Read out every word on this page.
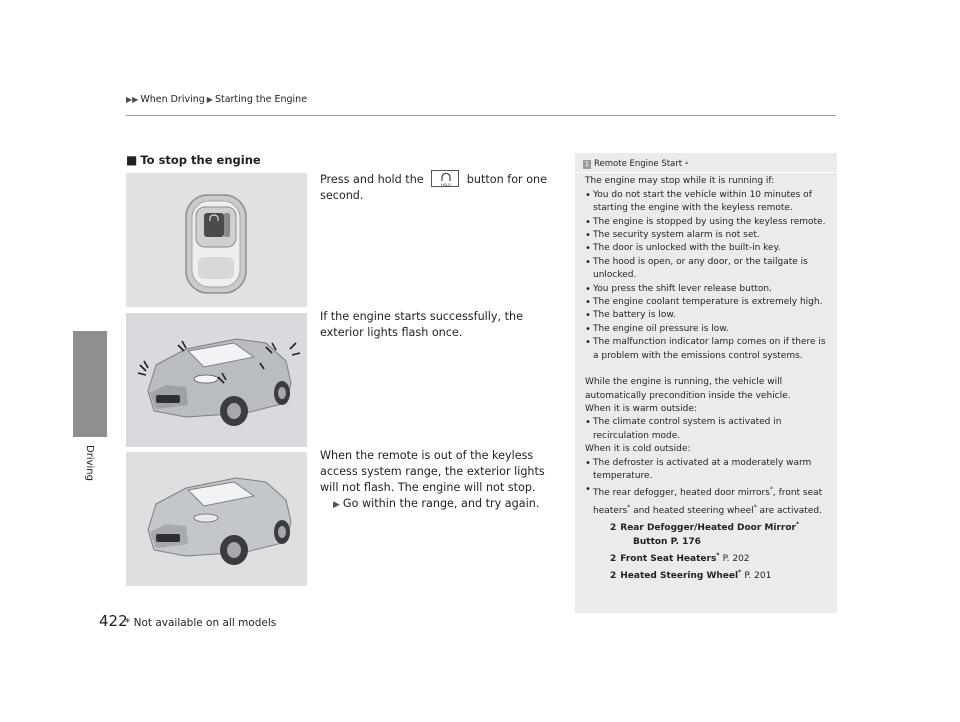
▶▶ When Driving ▶ Starting the Engine
Driving
■ To stop the engine
Press and hold the	HOLD button for one second.
If the engine starts successfully, the exterior lights flash once.
When the remote is out of the keyless access system range, the exterior lights will not flash. The engine will not stop.
▶ Go within the range, and try again.
1 Remote Engine Start *
The engine may stop while it is running if:
• You do not start the vehicle within 10 minutes of starting the engine with the keyless remote.
• The engine is stopped by using the keyless remote.
• The security system alarm is not set.
• The door is unlocked with the built-in key.
• The hood is open, or any door, or the tailgate is unlocked.
• You press the shift lever release button.
• The engine coolant temperature is extremely high.
• The battery is low.
• The engine oil pressure is low.
• The malfunction indicator lamp comes on if there is a problem with the emissions control systems.
While the engine is running, the vehicle will automatically precondition inside the vehicle.
When it is warm outside:
• The climate control system is activated in recirculation mode.
When it is cold outside:
• The defroster is activated at a moderately warm temperature.
• The rear defogger, heated door mirrors*, front seat heaters* and heated steering wheel* are activated.
2 Rear Defogger/Heated Door Mirror*
Button P. 176
2 Front Seat Heaters* P. 202
2 Heated Steering Wheel* P. 201
422
* Not available on all models
